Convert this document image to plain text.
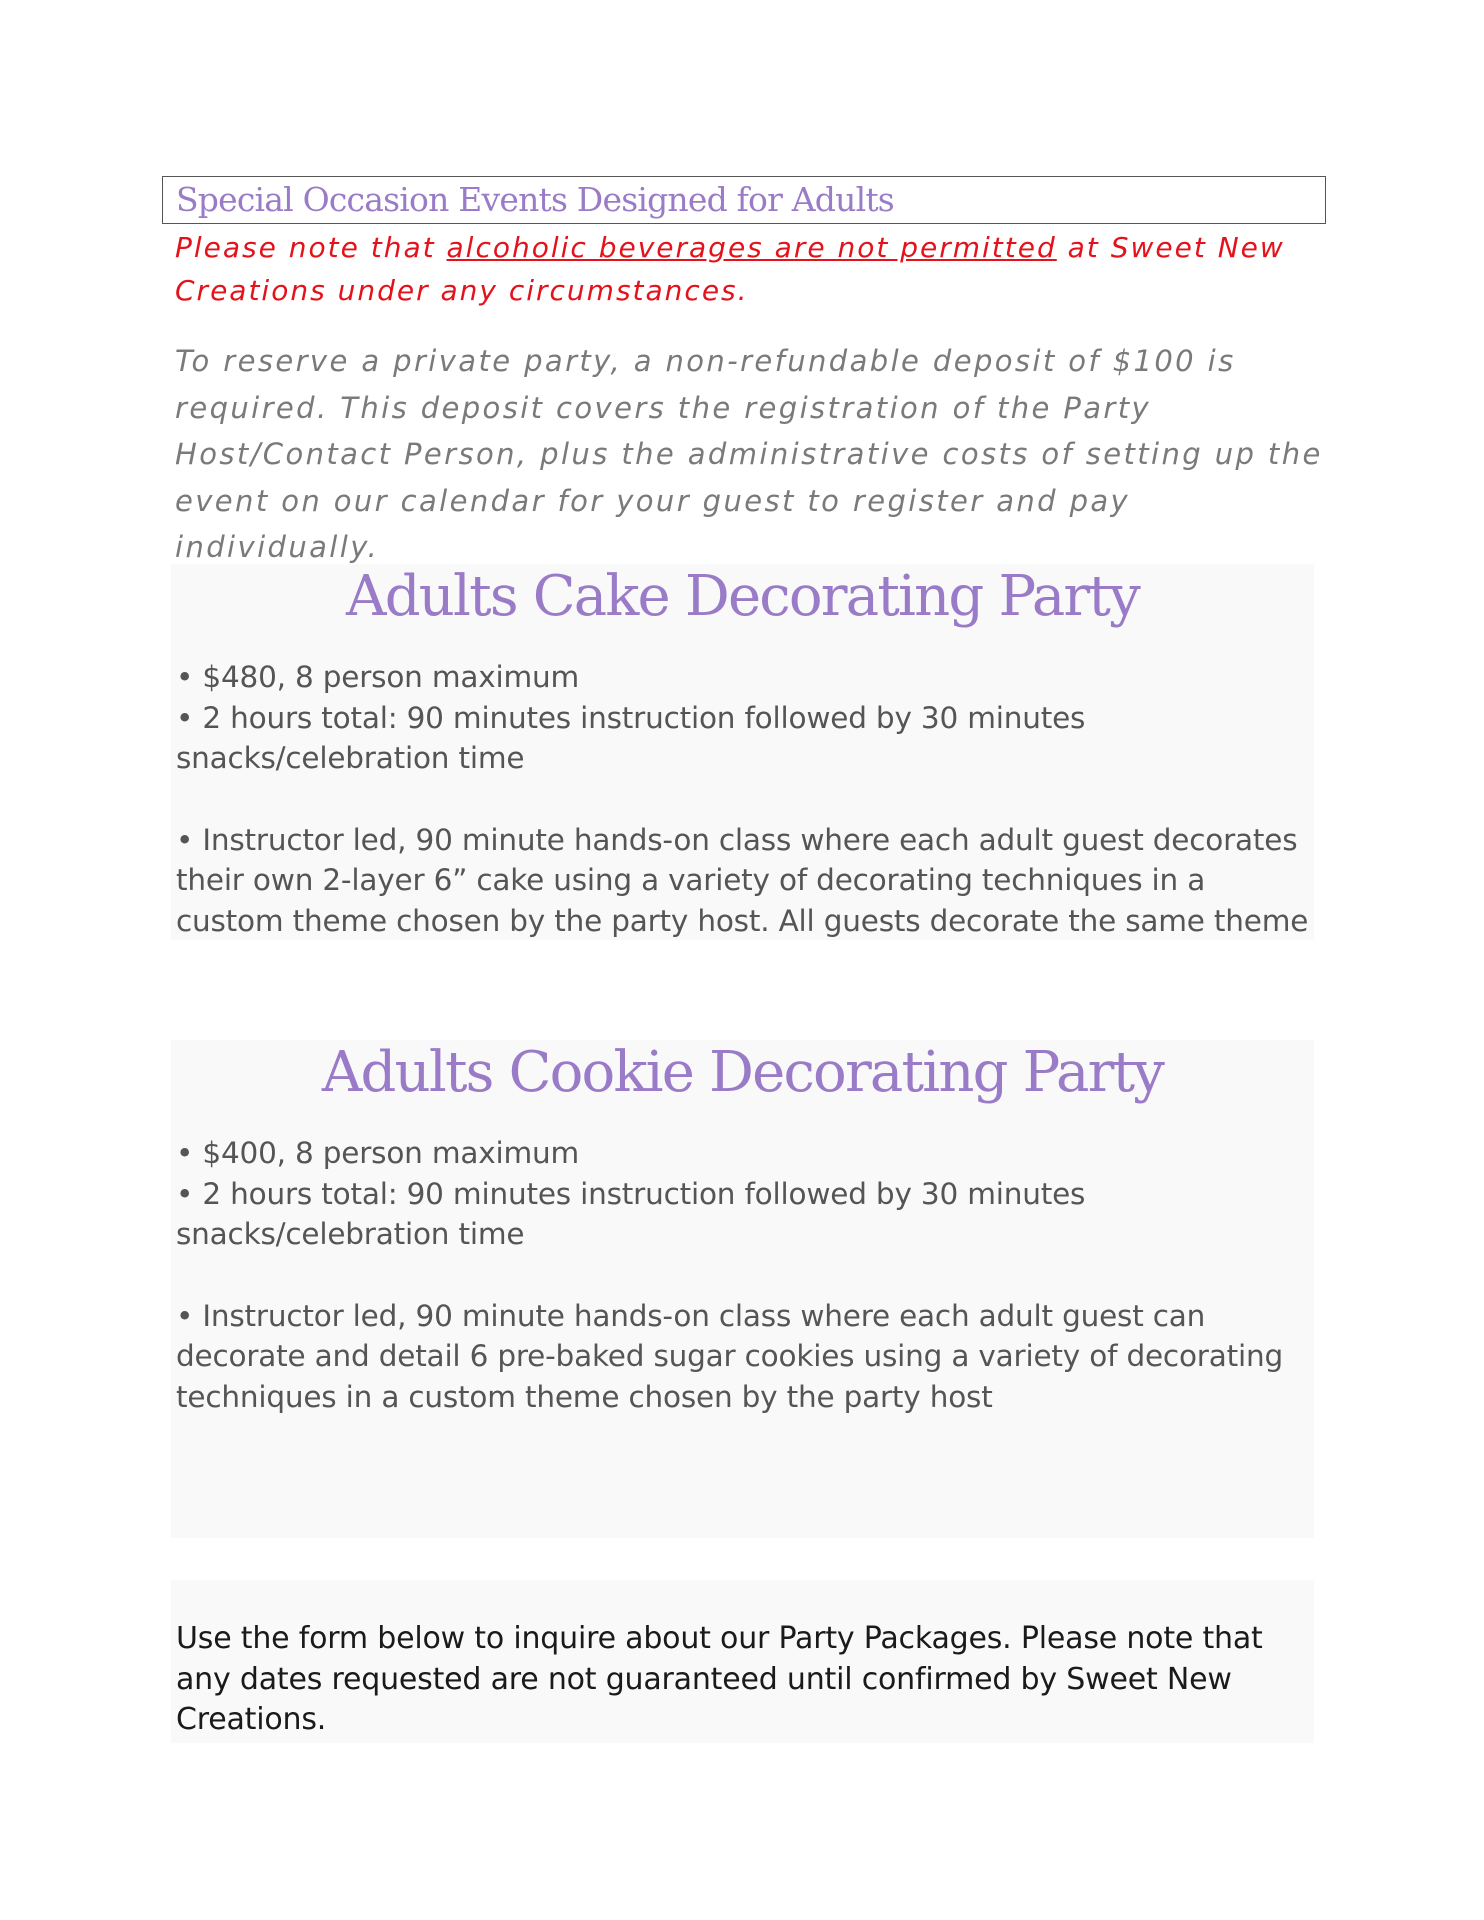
Special Occasion Events Designed for Adults
Please note that alcoholic beverages are not permitted at Sweet New Creations under any circumstances.
To reserve a private party, a non-refundable deposit of $100 is required. This deposit covers the registration of the Party Host/Contact Person, plus the administrative costs of setting up the event on our calendar for your guest to register and pay individually.
Adults Cake Decorating Party

• $480, 8 person maximum

• 2 hours total: 90 minutes instruction followed by 30 minutes snacks/celebration time

• Instructor led, 90 minute hands-on class where each adult guest decorates their own 2-layer 6” cake using a variety of decorating techniques in a custom theme chosen by the party host. All guests decorate the same theme

Adults Cookie Decorating Party

• $400, 8 person maximum

• 2 hours total: 90 minutes instruction followed by 30 minutes snacks/celebration time

• Instructor led, 90 minute hands-on class where each adult guest can decorate and detail 6 pre-baked sugar cookies using a variety of decorating techniques in a custom theme chosen by the party host

Use the form below to inquire about our Party Packages. Please note that any dates requested are not guaranteed until confirmed by Sweet New Creations.
